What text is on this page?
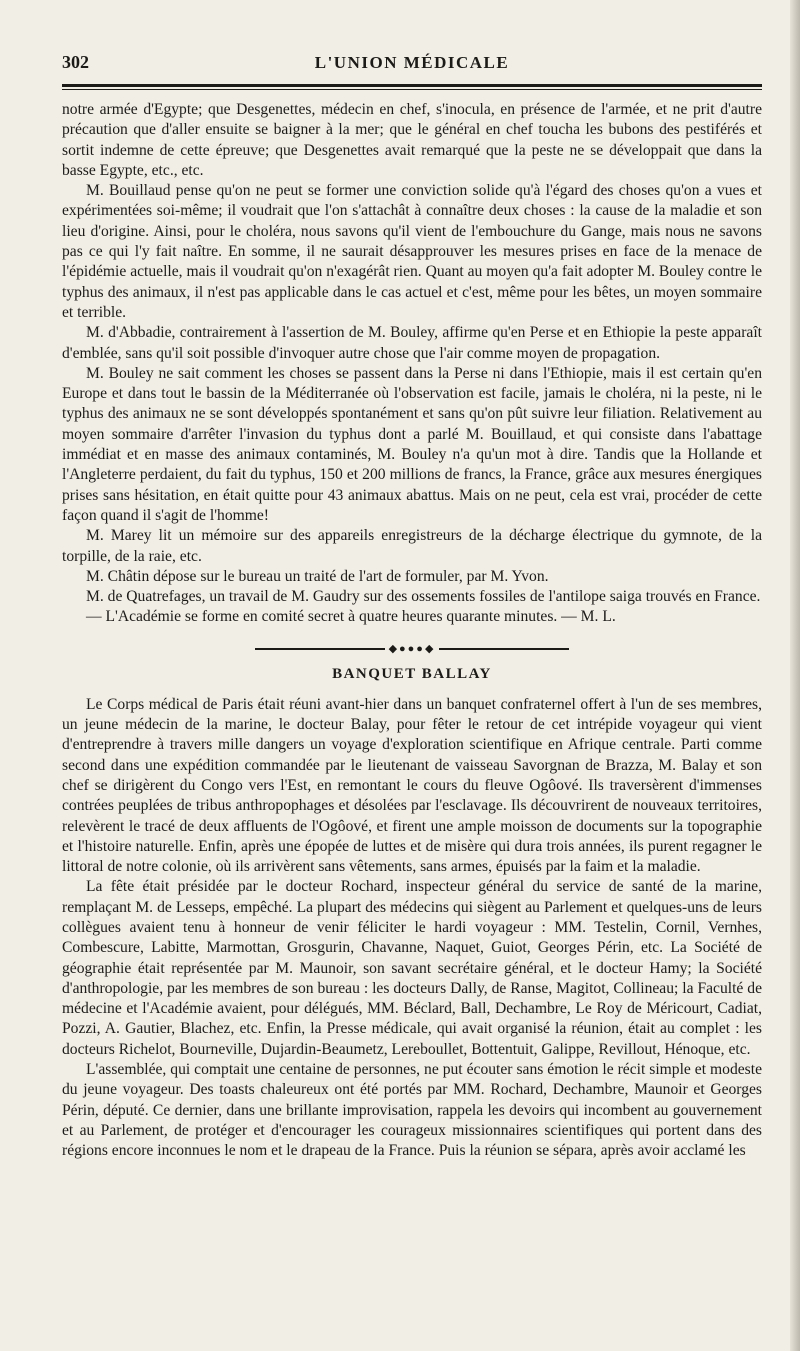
302	L'UNION MÉDICALE

notre armée d'Egypte; que Desgenettes, médecin en chef, s'inocula, en présence de l'armée, et ne prit d'autre précaution que d'aller ensuite se baigner à la mer; que le général en chef toucha les bubons des pestiférés et sortit indemne de cette épreuve; que Desgenettes avait remarqué que la peste ne se développait que dans la basse Egypte, etc., etc.

M. Bouillaud pense qu'on ne peut se former une conviction solide qu'à l'égard des choses qu'on a vues et expérimentées soi-même; il voudrait que l'on s'attachât à connaître deux choses : la cause de la maladie et son lieu d'origine. Ainsi, pour le choléra, nous savons qu'il vient de l'embouchure du Gange, mais nous ne savons pas ce qui l'y fait naître. En somme, il ne saurait désapprouver les mesures prises en face de la menace de l'épidémie actuelle, mais il voudrait qu'on n'exagérât rien. Quant au moyen qu'a fait adopter M. Bouley contre le typhus des animaux, il n'est pas applicable dans le cas actuel et c'est, même pour les bêtes, un moyen sommaire et terrible.

M. d'Abbadie, contrairement à l'assertion de M. Bouley, affirme qu'en Perse et en Ethiopie la peste apparaît d'emblée, sans qu'il soit possible d'invoquer autre chose que l'air comme moyen de propagation.

M. Bouley ne sait comment les choses se passent dans la Perse ni dans l'Ethiopie, mais il est certain qu'en Europe et dans tout le bassin de la Méditerranée où l'observation est facile, jamais le choléra, ni la peste, ni le typhus des animaux ne se sont développés spontanément et sans qu'on pût suivre leur filiation. Relativement au moyen sommaire d'arrêter l'invasion du typhus dont a parlé M. Bouillaud, et qui consiste dans l'abattage immédiat et en masse des animaux contaminés, M. Bouley n'a qu'un mot à dire. Tandis que la Hollande et l'Angleterre perdaient, du fait du typhus, 150 et 200 millions de francs, la France, grâce aux mesures énergiques prises sans hésitation, en était quitte pour 43 animaux abattus. Mais on ne peut, cela est vrai, procéder de cette façon quand il s'agit de l'homme!

M. Marey lit un mémoire sur des appareils enregistreurs de la décharge électrique du gymnote, de la torpille, de la raie, etc.

M. Châtin dépose sur le bureau un traité de l'art de formuler, par M. Yvon.

M. de Quatrefages, un travail de M. Gaudry sur des ossements fossiles de l'antilope saiga trouvés en France.

— L'Académie se forme en comité secret à quatre heures quarante minutes. — M. L.

◆●●●◆
BANQUET BALLAY

Le Corps médical de Paris était réuni avant-hier dans un banquet confraternel offert à l'un de ses membres, un jeune médecin de la marine, le docteur Balay, pour fêter le retour de cet intrépide voyageur qui vient d'entreprendre à travers mille dangers un voyage d'exploration scientifique en Afrique centrale. Parti comme second dans une expédition commandée par le lieutenant de vaisseau Savorgnan de Brazza, M. Balay et son chef se dirigèrent du Congo vers l'Est, en remontant le cours du fleuve Ogôové. Ils traversèrent d'immenses contrées peuplées de tribus anthropophages et désolées par l'esclavage. Ils découvrirent de nouveaux territoires, relevèrent le tracé de deux affluents de l'Ogôové, et firent une ample moisson de documents sur la topographie et l'histoire naturelle. Enfin, après une épopée de luttes et de misère qui dura trois années, ils purent regagner le littoral de notre colonie, où ils arrivèrent sans vêtements, sans armes, épuisés par la faim et la maladie.

La fête était présidée par le docteur Rochard, inspecteur général du service de santé de la marine, remplaçant M. de Lesseps, empêché. La plupart des médecins qui siègent au Parlement et quelques-uns de leurs collègues avaient tenu à honneur de venir féliciter le hardi voyageur : MM. Testelin, Cornil, Vernhes, Combescure, Labitte, Marmottan, Grosgurin, Chavanne, Naquet, Guiot, Georges Périn, etc. La Société de géographie était représentée par M. Maunoir, son savant secrétaire général, et le docteur Hamy; la Société d'anthropologie, par les membres de son bureau : les docteurs Dally, de Ranse, Magitot, Collineau; la Faculté de médecine et l'Académie avaient, pour délégués, MM. Béclard, Ball, Dechambre, Le Roy de Méricourt, Cadiat, Pozzi, A. Gautier, Blachez, etc. Enfin, la Presse médicale, qui avait organisé la réunion, était au complet : les docteurs Richelot, Bourneville, Dujardin-Beaumetz, Lereboullet, Bottentuit, Galippe, Revillout, Hénoque, etc.

L'assemblée, qui comptait une centaine de personnes, ne put écouter sans émotion le récit simple et modeste du jeune voyageur. Des toasts chaleureux ont été portés par MM. Rochard, Dechambre, Maunoir et Georges Périn, député. Ce dernier, dans une brillante improvisation, rappela les devoirs qui incombent au gouvernement et au Parlement, de protéger et d'encourager les courageux missionnaires scientifiques qui portent dans des régions encore inconnues le nom et le drapeau de la France. Puis la réunion se sépara, après avoir acclamé les
